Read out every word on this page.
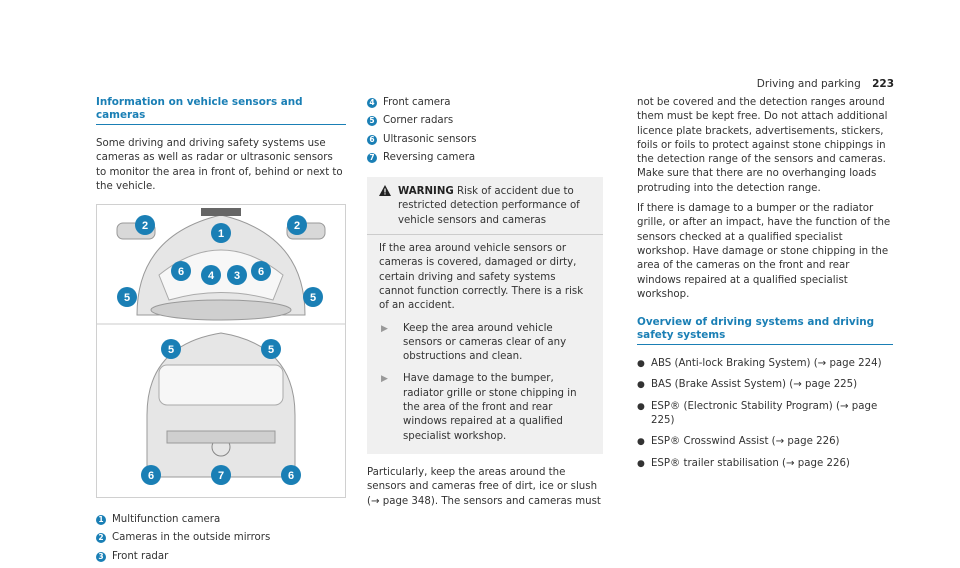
Driving and parking 223
Information on vehicle sensors and cameras

Some driving and driving safety systems use cameras as well as radar or ultrasonic sensors to monitor the area in front of, behind or next to the vehicle.

1
2	2
6 4 3 6
5	5
5	5
6	7	6
1 Multifunction camera
2 Cameras in the outside mirrors
3 Front radar
4 Front camera
5 Corner radars
6 Ultrasonic sensors
7 Reversing camera
WARNING Risk of accident due to restricted detection performance of vehicle sensors and cameras

If the area around vehicle sensors or cameras is covered, damaged or dirty, certain driving and safety systems cannot function correctly. There is a risk of an accident.

▶	Keep the area around vehicle sensors or cameras clear of any obstructions and clean.
▶	Have damage to the bumper, radiator grille or stone chipping in the area of the front and rear windows repaired at a qualified specialist workshop.

Particularly, keep the areas around the sensors and cameras free of dirt, ice or slush (→ page 348). The sensors and cameras must

not be covered and the detection ranges around them must be kept free. Do not attach additional licence plate brackets, advertisements, stickers, foils or foils to protect against stone chippings in the detection range of the sensors and cameras. Make sure that there are no overhanging loads protruding into the detection range.

If there is damage to a bumper or the radiator grille, or after an impact, have the function of the sensors checked at a qualified specialist workshop. Have damage or stone chipping in the area of the cameras on the front and rear windows repaired at a qualified specialist workshop.

Overview of driving systems and driving safety systems
● ABS (Anti-lock Braking System) (→ page 224)
● BAS (Brake Assist System) (→ page 225)
● ESP® (Electronic Stability Program) (→ page 225)
● ESP® Crosswind Assist (→ page 226)
● ESP® trailer stabilisation (→ page 226)
